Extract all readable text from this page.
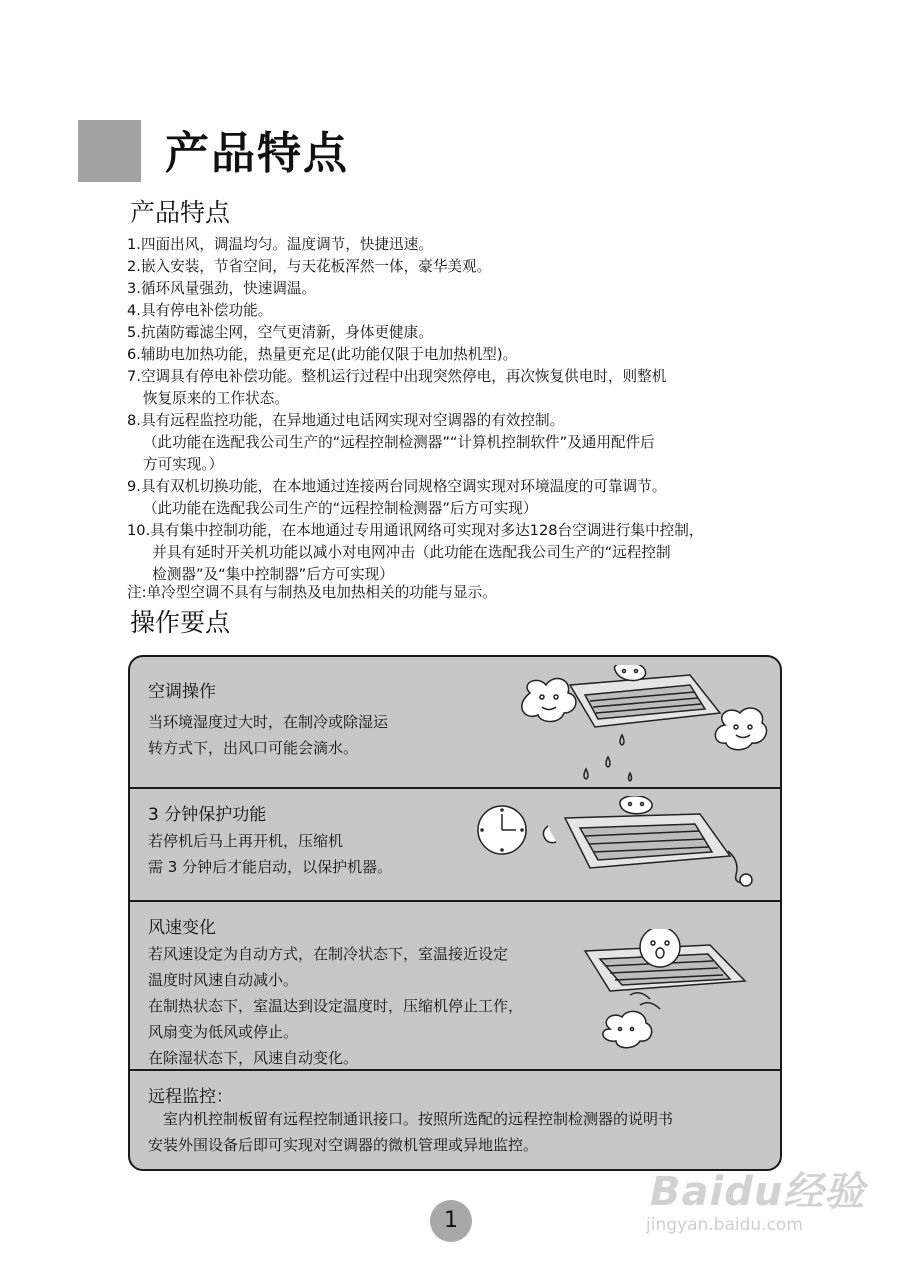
产品特点
产品特点
1. 四面出风，调温均匀。温度调节，快捷迅速。
2. 嵌入安装，节省空间，与天花板浑然一体，豪华美观。
3. 循环风量强劲，快速调温。
4. 具有停电补偿功能。
5. 抗菌防霉滤尘网，空气更清新，身体更健康。
6. 辅助电加热功能，热量更充足(此功能仅限于电加热机型)。
7. 空调具有停电补偿功能。整机运行过程中出现突然停电，再次恢复供电时，则整机
恢复原来的工作状态。
8. 具有远程监控功能，在异地通过电话网实现对空调器的有效控制。
（此功能在选配我公司生产的“远程控制检测器”“计算机控制软件”及通用配件后
方可实现。）
9. 具有双机切换功能，在本地通过连接两台同规格空调实现对环境温度的可靠调节。
（此功能在选配我公司生产的“远程控制检测器”后方可实现）
10. 具有集中控制功能，在本地通过专用通讯网络可实现对多达128台空调进行集中控制，
并具有延时开关机功能以减小对电网冲击（此功能在选配我公司生产的“远程控制
检测器”及“集中控制器”后方可实现）
注:单冷型空调不具有与制热及电加热相关的功能与显示。
操作要点
空调操作
当环境湿度过大时，在制冷或除湿运
转方式下，出风口可能会滴水。
3 分钟保护功能
若停机后马上再开机，压缩机
需 3 分钟后才能启动，以保护机器。
风速变化
若风速设定为自动方式，在制冷状态下，室温接近设定
温度时风速自动减小。
在制热状态下，室温达到设定温度时，压缩机停止工作，
风扇变为低风或停止。
在除湿状态下，风速自动变化。
远程监控：
　室内机控制板留有远程控制通讯接口。按照所选配的远程控制检测器的说明书
安装外围设备后即可实现对空调器的微机管理或异地监控。
1
Baidu经验
jingyan.baidu.com
